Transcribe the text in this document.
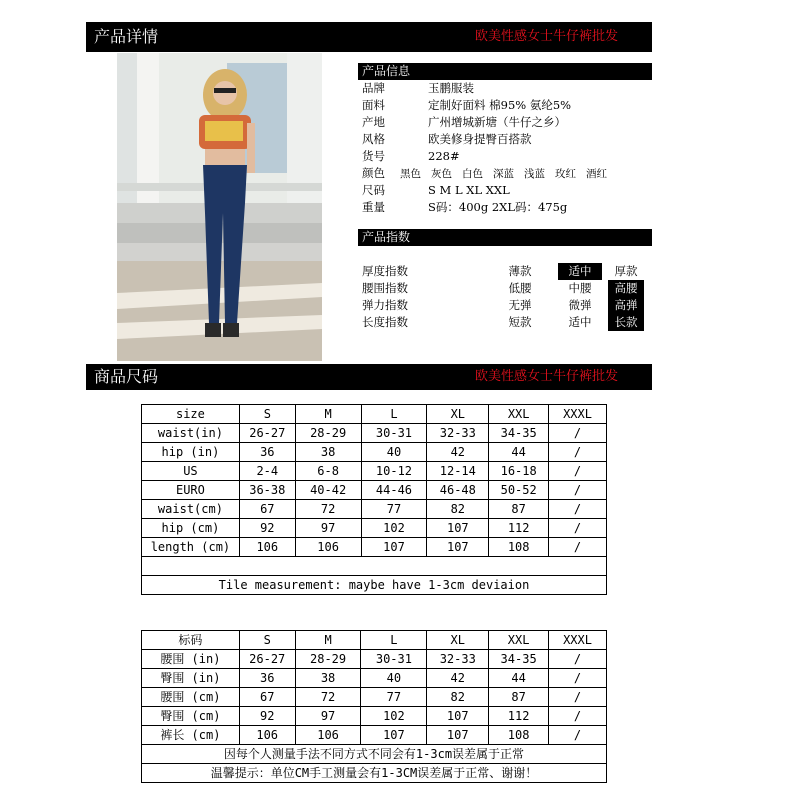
产品详情	欧美性感女士牛仔裤批发
产品信息
品牌	玉鹏服装
面料	定制好面料 棉95% 氨纶5%
产地	广州增城新塘（牛仔之乡）
风格	欧美修身提臀百搭款
货号	228#
颜色	黑色 灰色 白色 深蓝 浅蓝 玫红 酒红
尺码	S M L XL XXL
重量	S码：400g 2XL码：475g
产品指数
厚度指数	薄款	适中	厚款
腰围指数	低腰	中腰	高腰
弹力指数	无弹	微弹	高弹
长度指数	短款	适中	长款
商品尺码	欧美性感女士牛仔裤批发
size	S	M	L	XL	XXL	XXXL
waist(in)	26-27	28-29	30-31	32-33	34-35	/
hip (in)	36	38	40	42	44	/
US	2-4	6-8	10-12	12-14	16-18	/
EURO	36-38	40-42	44-46	46-48	50-52	/
waist(cm)	67	72	77	82	87	/
hip (cm)	92	97	102	107	112	/
length (cm)	106	106	107	107	108	/

Tile measurement: maybe have 1-3cm deviaion						
标码	S	M	L	XL	XXL	XXXL
腰围 (in)	26-27	28-29	30-31	32-33	34-35	/
臀围 (in)	36	38	40	42	44	/
腰围 (cm)	67	72	77	82	87	/
臀围 (cm)	92	97	102	107	112	/
裤长 (cm)	106	106	107	107	108	/
因每个人测量手法不同方式不同会有1-3cm误差属于正常						
温馨提示：单位CM手工测量会有1-3CM误差属于正常、谢谢！						
